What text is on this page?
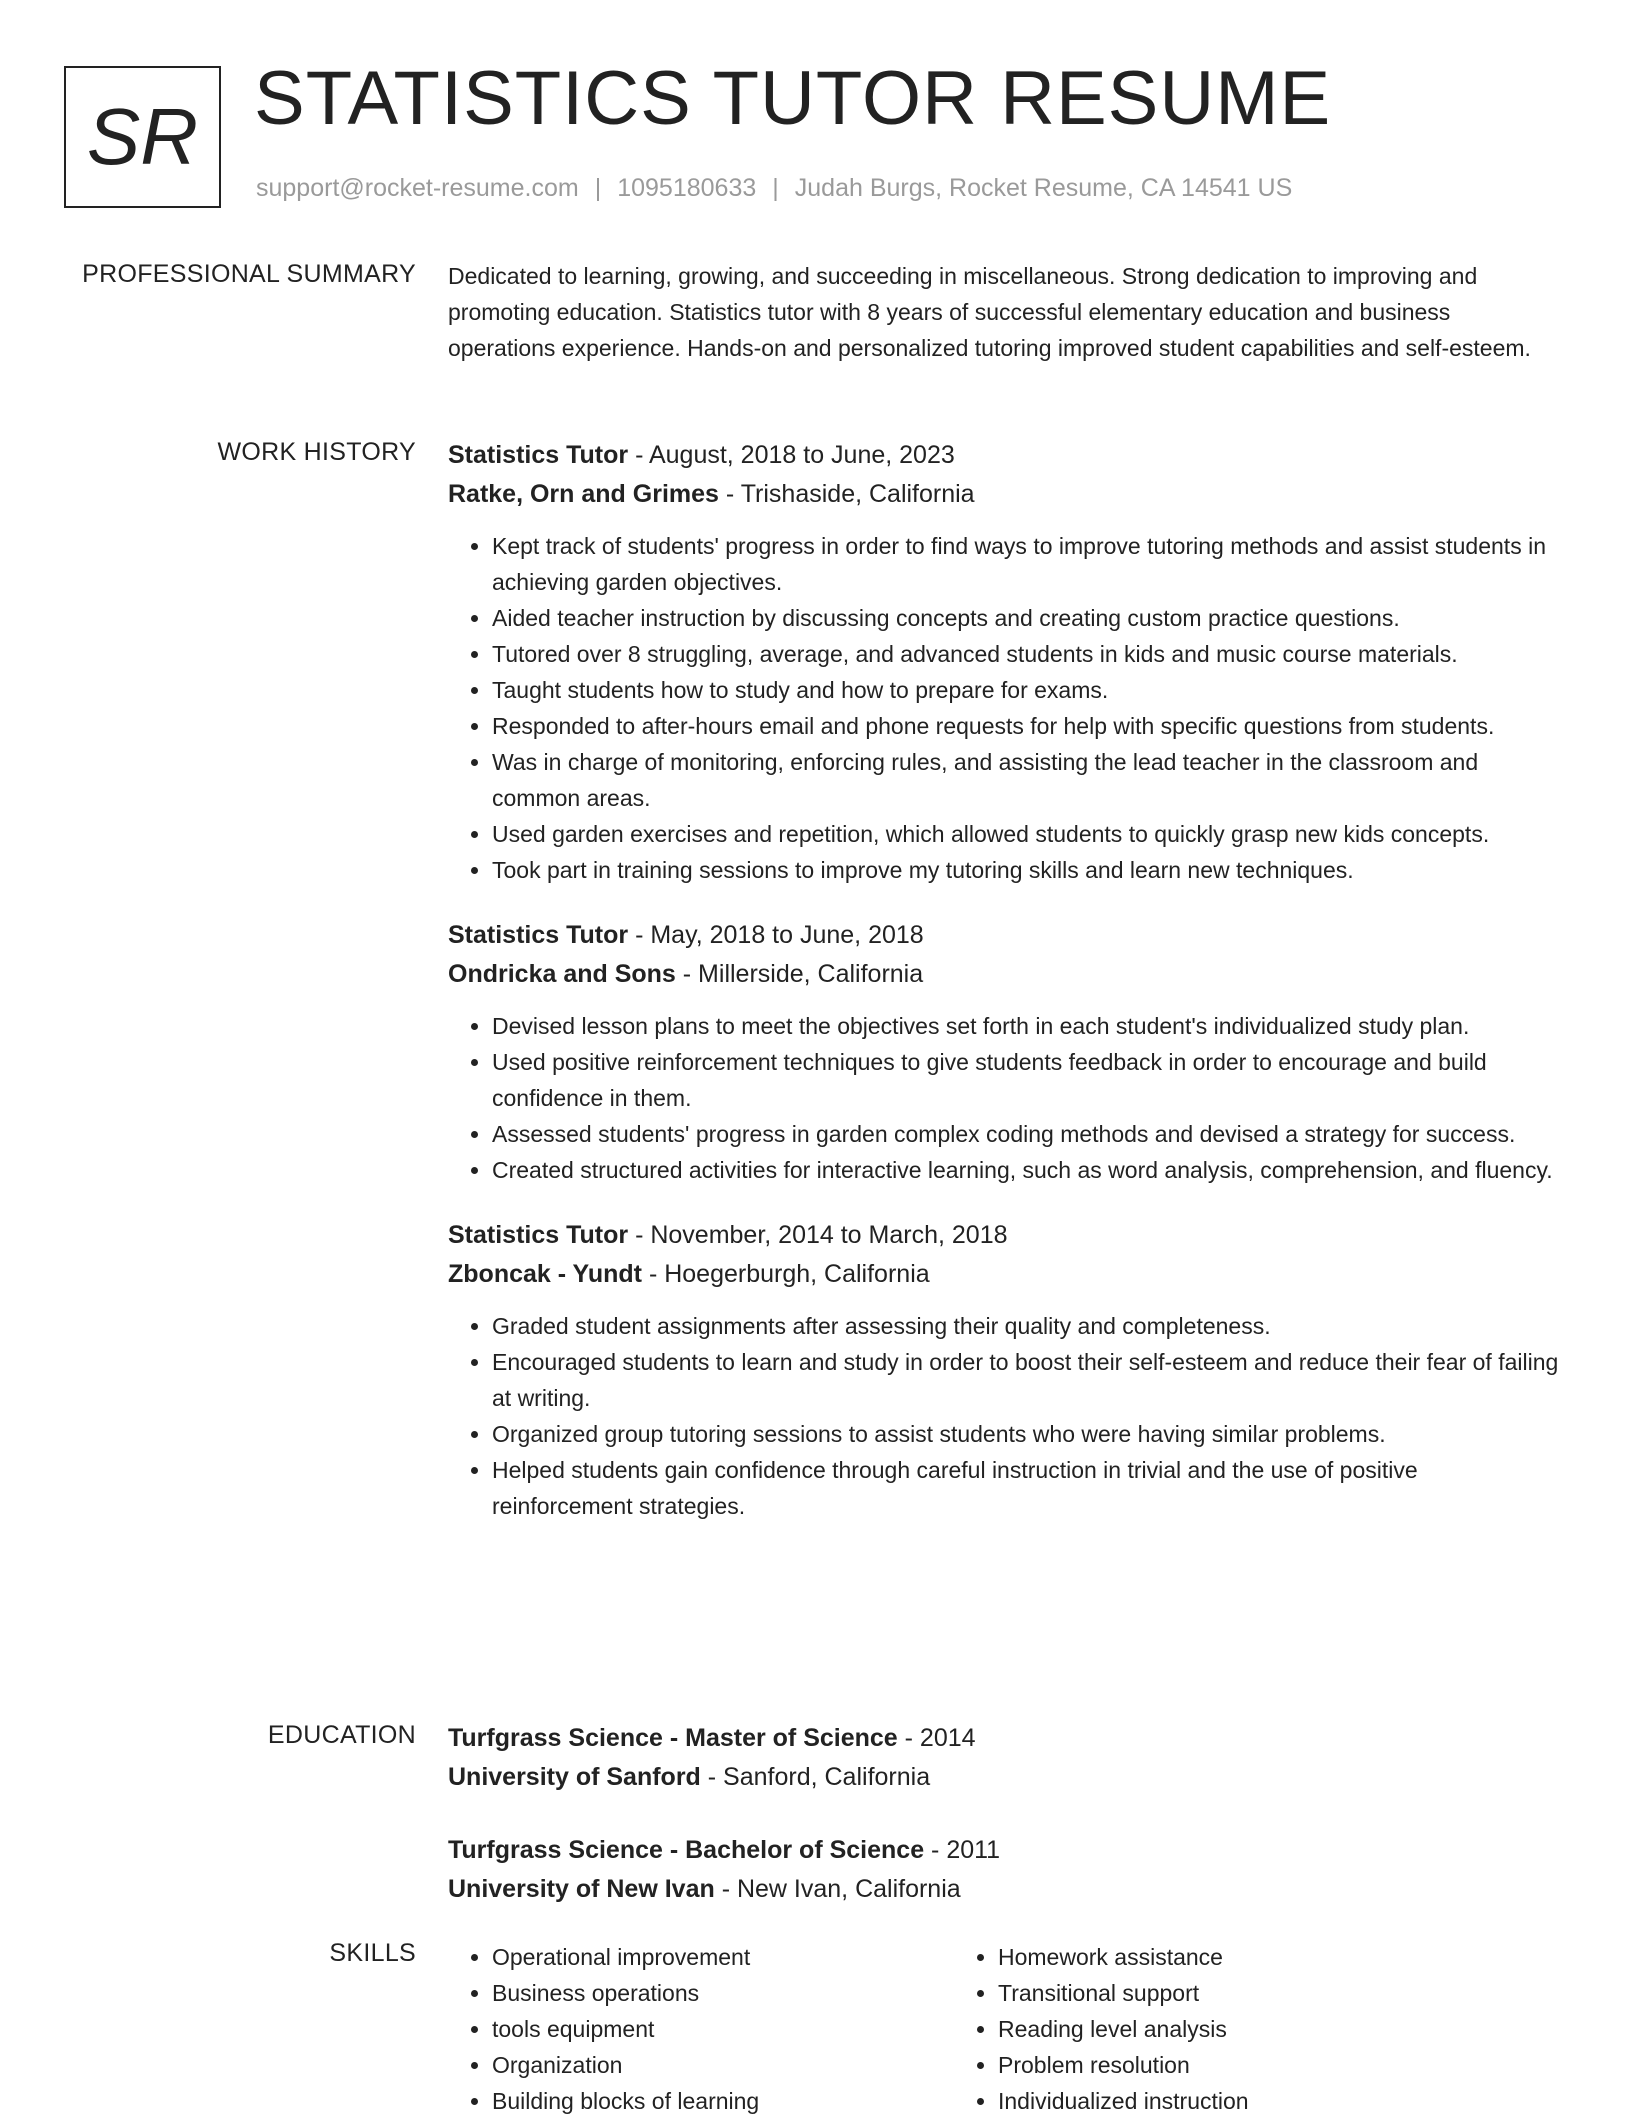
SR STATISTICS TUTOR RESUME
support@rocket-resume.com | 1095180633 | Judah Burgs, Rocket Resume, CA 14541 US
PROFESSIONAL SUMMARY Dedicated to learning, growing, and succeeding in miscellaneous. Strong dedication to improving and promoting education. Statistics tutor with 8 years of successful elementary education and business operations experience. Hands-on and personalized tutoring improved student capabilities and self-esteem.
WORK HISTORY Statistics Tutor - August, 2018 to June, 2023
Ratke, Orn and Grimes - Trishaside, California
• Kept track of students' progress in order to find ways to improve tutoring methods and assist students in achieving garden objectives.
• Aided teacher instruction by discussing concepts and creating custom practice questions.
• Tutored over 8 struggling, average, and advanced students in kids and music course materials.
• Taught students how to study and how to prepare for exams.
• Responded to after-hours email and phone requests for help with specific questions from students.
• Was in charge of monitoring, enforcing rules, and assisting the lead teacher in the classroom and common areas.
• Used garden exercises and repetition, which allowed students to quickly grasp new kids concepts.
• Took part in training sessions to improve my tutoring skills and learn new techniques.
Statistics Tutor - May, 2018 to June, 2018
Ondricka and Sons - Millerside, California
• Devised lesson plans to meet the objectives set forth in each student's individualized study plan.
• Used positive reinforcement techniques to give students feedback in order to encourage and build confidence in them.
• Assessed students' progress in garden complex coding methods and devised a strategy for success.
• Created structured activities for interactive learning, such as word analysis, comprehension, and fluency.
Statistics Tutor - November, 2014 to March, 2018
Zboncak - Yundt - Hoegerburgh, California
• Graded student assignments after assessing their quality and completeness.
• Encouraged students to learn and study in order to boost their self-esteem and reduce their fear of failing at writing.
• Organized group tutoring sessions to assist students who were having similar problems.
• Helped students gain confidence through careful instruction in trivial and the use of positive reinforcement strategies.
EDUCATION Turfgrass Science - Master of Science - 2014
University of Sanford - Sanford, California
Turfgrass Science - Bachelor of Science - 2011
University of New Ivan - New Ivan, California
SKILLS
•	Operational improvement
• Business operations
• tools equipment
• Organization
• Building blocks of learning
• Homework assistance
• Transitional support
• Reading level analysis
• Problem resolution
• Individualized instruction
